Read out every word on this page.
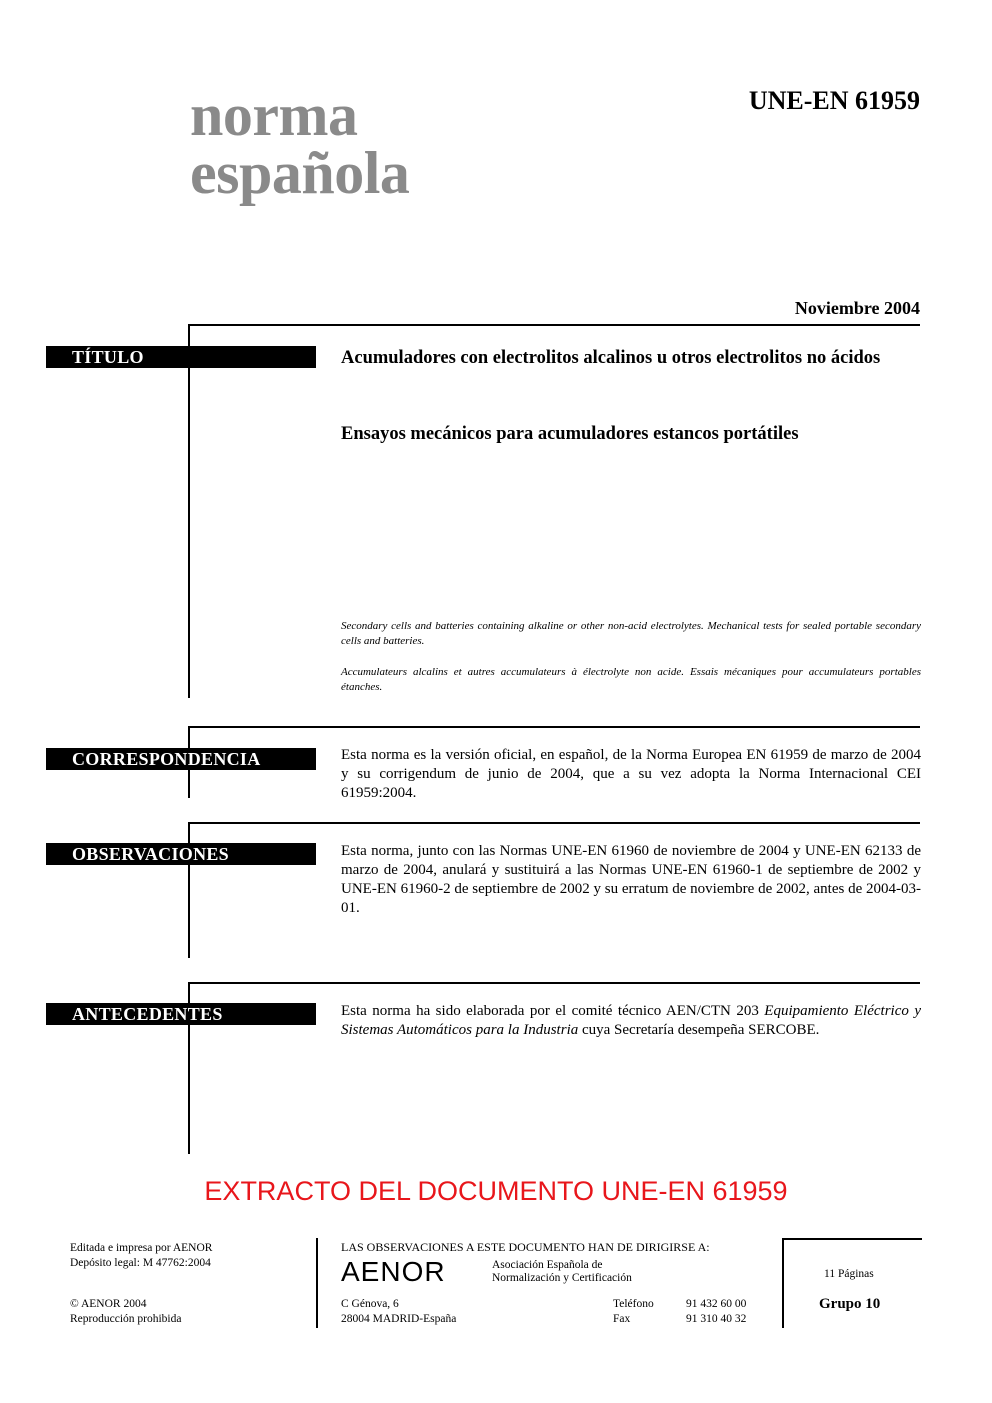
norma
española
UNE-EN 61959
Noviembre 2004
TÍTULO	Acumuladores con electrolitos alcalinos u otros electrolitos no ácidos
Ensayos mecánicos para acumuladores estancos portátiles
Secondary cells and batteries containing alkaline or other non-acid electrolytes. Mechanical tests for sealed portable secondary cells and batteries.
Accumulateurs alcalins et autres accumulateurs à électrolyte non acide. Essais mécaniques pour accumulateurs portables étanches.
CORRESPONDENCIA	Esta norma es la versión oficial, en español, de la Norma Europea EN 61959 de marzo de 2004 y su corrigendum de junio de 2004, que a su vez adopta la Norma Internacional CEI 61959:2004.
OBSERVACIONES	Esta norma, junto con las Normas UNE-EN 61960 de noviembre de 2004 y UNE-EN 62133 de marzo de 2004, anulará y sustituirá a las Normas UNE-EN 61960-1 de septiembre de 2002 y UNE-EN 61960-2 de septiembre de 2002 y su erratum de noviembre de 2002, antes de 2004-03-01.
ANTECEDENTES	Esta norma ha sido elaborada por el comité técnico AEN/CTN 203 Equipamiento Eléctrico y Sistemas Automáticos para la Industria cuya Secretaría desempeña SERCOBE.
EXTRACTO DEL DOCUMENTO UNE-EN 61959
Editada e impresa por AENOR
Depósito legal: M 47762:2004
© AENOR 2004
Reproducción prohibida
LAS OBSERVACIONES A ESTE DOCUMENTO HAN DE DIRIGIRSE A:
AENOR	Asociación Española de
Normalización y Certificación
C Génova, 6
28004 MADRID-España
Teléfono	91 432 60 00
Fax	91 310 40 32
11 Páginas
Grupo 10
